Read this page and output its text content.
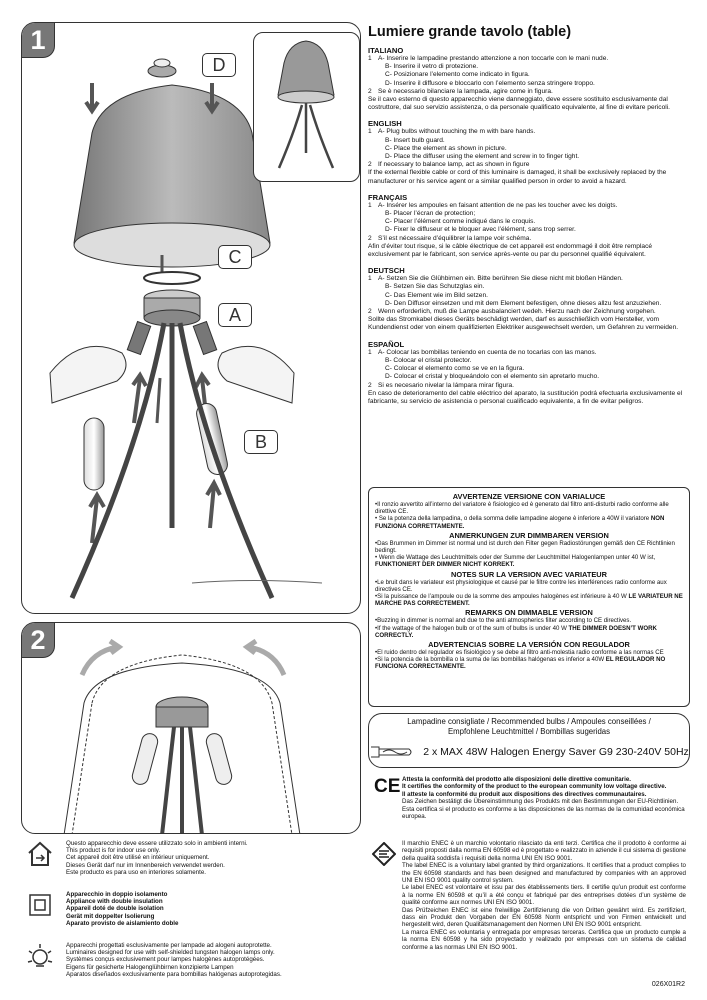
1
D
C
A
B
2
Lumiere grande tavolo (table)
ITALIANO
1 A- Inserire le lampadine prestando attenzione a non toccarle con le mani nude.
B- Inserire il vetro di protezione.
C- Posizionare l’elemento come indicato in figura.
D- Inserire il diffusore e bloccarlo con l’elemento senza stringere troppo.
2 Se è necessario bilanciare la lampada, agire come in figura.
Se il cavo esterno di questo apparecchio viene danneggiato, deve essere sostituito esclusivamente dal costruttore, dal suo servizio assistenza, o da personale qualificato equivalente, al fine di evitare pericoli.
ENGLISH
1 A- Plug bulbs without touching the m with bare hands.
B- Insert bulb guard.
C- Place the element as shown in picture.
D- Place the diffuser using the element and screw in to finger tight.
2 If necessary to balance lamp, act as shown in figure
If the external flexible cable or cord of this luminaire is damaged, it shall be exclusively replaced by the manufacturer or his service agent or a similar qualified person in order to avoid a hazard.
FRANÇAIS
1 A- Insérer les ampoules en faisant attention de ne pas les toucher avec les doigts.
B- Placer l’écran de protection;
C- Placer l’élément comme indiqué dans le croquis.
D- Fixer le diffuseur et le bloquer avec l’élément, sans trop serrer.
2 S’il est nécessaire d’équilibrer la lampe voir schéma.
Afin d’éviter tout risque, si le câble électrique de cet appareil est endommagé il doit être remplacé exclusivement par le fabricant, son service après-vente ou par du personnel qualifié équivalent.
DEUTSCH
1 A- Setzen Sie die Glühbirnen ein. Bitte berühren Sie diese nicht mit bloßen Händen.
B- Setzen Sie das Schutzglas ein.
C- Das Element wie im Bild setzen.
D- Den Diffusor einsetzen und mit dem Element befestigen, ohne dieses allzu fest anzuziehen.
2 Wenn erforderlich, muß die Lampe ausbalanciert wedeh. Hierzu nach der Zeichnung vorgehen.
Sollte das Stromkabel dieses Geräts beschädigt werden, darf es ausschließlich vom Hersteller, vom Kundendienst oder von einem qualifizierten Elektriker ausgewechselt werden, um Gefahren zu vermeiden.
ESPAÑOL
1 A- Colocar las bombillas teniendo en cuenta de no tocarlas con las manos.
B- Colocar el cristal protector.
C- Colocar el elemento como se ve en la figura.
D- Colocar el cristal y bloqueándolo con el elemento sin apretarlo mucho.
2 Si es necesario nivelar la lámpara mirar figura.
En caso de deterioramento del cable eléctrico del aparato, la sustitución podrá efectuarla exclusivamente el fabricante, su servicio de asistencia o personal cualificado equivalente, a fin de evitar peligros.
AVVERTENZE VERSIONE CON VARIALUCE
•Il ronzio avvertito all’interno del variatore è fisiologico ed è generato dal filtro anti-disturbi radio conforme alle direttive CE.
• Se la potenza della lampadina, o della somma delle lampadine alogene è inferiore a 40W il variatore NON FUNZIONA CORRETTAMENTE.
ANMERKUNGEN ZUR DIMMBAREN VERSION
•Das Brummen im Dimmer ist normal und ist durch den Filter gegen Radiostörungen gemäß den CE Richtlinien bedingt.
• Wenn die Wattage des Leuchtmittels oder der Summe der Leuchtmittel Halogenlampen unter 40 W ist, FUNKTIONIERT DER DIMMER NICHT KORREKT.
NOTES SUR LA VERSION AVEC VARIATEUR
•Le bruit dans le variateur est physiologique et causé par le filtre contre les interférences radio conforme aux directives CE.
•Si la puissance de l’ampoule ou de la somme des ampoules halogènes est inférieure à 40 W LE VARIATEUR NE MARCHE PAS CORRECTEMENT.
REMARKS ON DIMMABLE VERSION
•Buzzing in dimmer is normal and due to the anti atmospherics filter according to CE directives.
•If the wattage of the halogen bulb or of the sum of bulbs is under 40 W THE DIMMER DOESN’T WORK CORRECTLY.
ADVERTENCIAS SOBRE LA VERSIÓN CON REGULADOR
•El ruido dentro del regulador es fisiológico y se debe al filtro anti-molestia radio conforme a las normas CE
•Si la potencia de la bombilla o la suma de las bombillas halógenas es inferior a 40W EL REGULADOR NO FUNCIONA CORRECTAMENTE.
Lampadine consigliate / Recommended bulbs / Ampoules conseillées /
Empfohlene Leuchtmittel / Bombillas sugeridas
2 x MAX 48W Halogen Energy Saver G9 230-240V 50Hz
CE Attesta la conformità del prodotto alle disposizioni delle direttive comunitarie.
It certifies the conformity of the product to the european community low voltage directive.
Il atteste la conformité du produit aux dispositions des directives communautaires.
Das Zeichen bestätigt die Übereinstimmung des Produkts mit den Bestimmungen der EU-Richtlinien.
Esta certifica si el producto es conforme a las disposiciones de las normas de la comunidad económica europea.
Il marchio ENEC è un marchio volontario rilasciato da enti terzi. Certifica che il prodotto è conforme ai requisiti proposti dalla norma EN 60598 ed è progettato e realizzato in aziende il cui sistema di gestione della qualità soddisfa i requisiti della norma UNI EN ISO 9001.
The label ENEC is a voluntary label granted by third organizations. It certifies that a product complies to the EN 60598 standards and has been designed and manufactured by companies with an approved UNI EN ISO 9001 quality control system.
Le label ENEC est volontaire et issu par des établissements tiers. Il certifie qu’un produit est conforme à la norme EN 60598 et qu’il a été conçu et fabriqué par des entreprises dotées d’un système de qualité conforme aux normes UNI EN ISO 9001.
Das Prüfzeichen ENEC ist eine freiwillige Zertifizierung die von Dritten gewährt wird. Es zertifiziert, dass ein Produkt den Vorgaben der EN 60598 Norm entspricht und von Firmen entwickelt und hergestellt wird, deren Qualitätsmanagement den Normen UNI EN ISO 9001 entspricht.
La marca ENEC es voluntaria y entregada por empresas terceras. Certifica que un producto cumple a la norma EN 60598 y ha sido proyectado y realizado por empresas con un sistema de calidad conforme a las normas UNI EN ISO 9001.
026X01R2
Questo apparecchio deve essere utilizzato solo in ambienti interni.
This product is for indoor use only.
Cet appareil doit être utilisé en intérieur uniquement.
Dieses Gerät darf nur im Innenbereich verwendet werden.
Este producto es para uso en interiores solamente.
Apparecchio in doppio isolamento
Appliance with double insulation
Appareil doté de double isolation
Gerät mit doppelter Isolierung
Aparato provisto de aislamiento doble
Apparecchi progettati esclusivamente per lampade ad alogeni autoprotette.
Luminaires designed for use with self-shielded tungsten halogen lamps only.
Systèmes conçus exclusivement pour lampes halogènes autoprotégées.
Eigens für gesicherte Halogenglühbirnen konzipierte Lampen
Aparatos diseñados exclusivamente para bombillas halógenas autoprotegidas.
